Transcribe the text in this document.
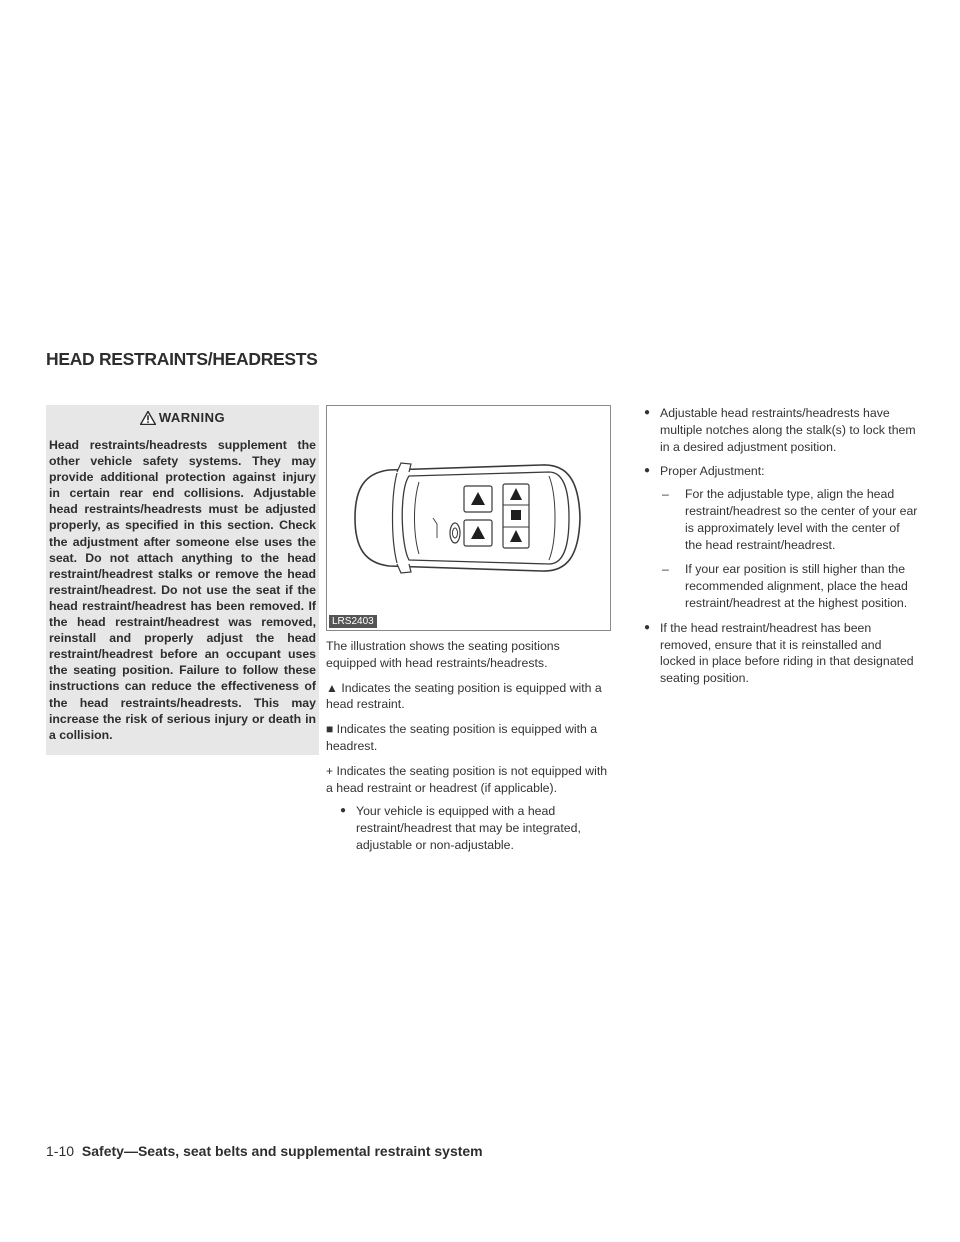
HEAD RESTRAINTS/HEADRESTS
WARNING

Head restraints/headrests supplement the other vehicle safety systems. They may provide additional protection against injury in certain rear end collisions. Adjustable head restraints/headrests must be adjusted properly, as specified in this section. Check the adjustment after someone else uses the seat. Do not attach anything to the head restraint/headrest stalks or remove the head restraint/headrest. Do not use the seat if the head restraint/headrest has been removed. If the head restraint/headrest was removed, reinstall and properly adjust the head restraint/headrest before an occupant uses the seating position. Failure to follow these instructions can reduce the effectiveness of the head restraints/headrests. This may increase the risk of serious injury or death in a collision.

LRS2403

The illustration shows the seating positions equipped with head restraints/headrests.

▲ Indicates the seating position is equipped with a head restraint.

■ Indicates the seating position is equipped with a headrest.

+ Indicates the seating position is not equipped with a head restraint or headrest (if applicable).

● Your vehicle is equipped with a head restraint/headrest that may be integrated, adjustable or non-adjustable.
● Adjustable head restraints/headrests have multiple notches along the stalk(s) to lock them in a desired adjustment position.
● Proper Adjustment:
– For the adjustable type, align the head restraint/headrest so the center of your ear is approximately level with the center of the head restraint/headrest.
– If your ear position is still higher than the recommended alignment, place the head restraint/headrest at the highest position.
● If the head restraint/headrest has been removed, ensure that it is reinstalled and locked in place before riding in that designated seating position.
1-10 Safety—Seats, seat belts and supplemental restraint system
